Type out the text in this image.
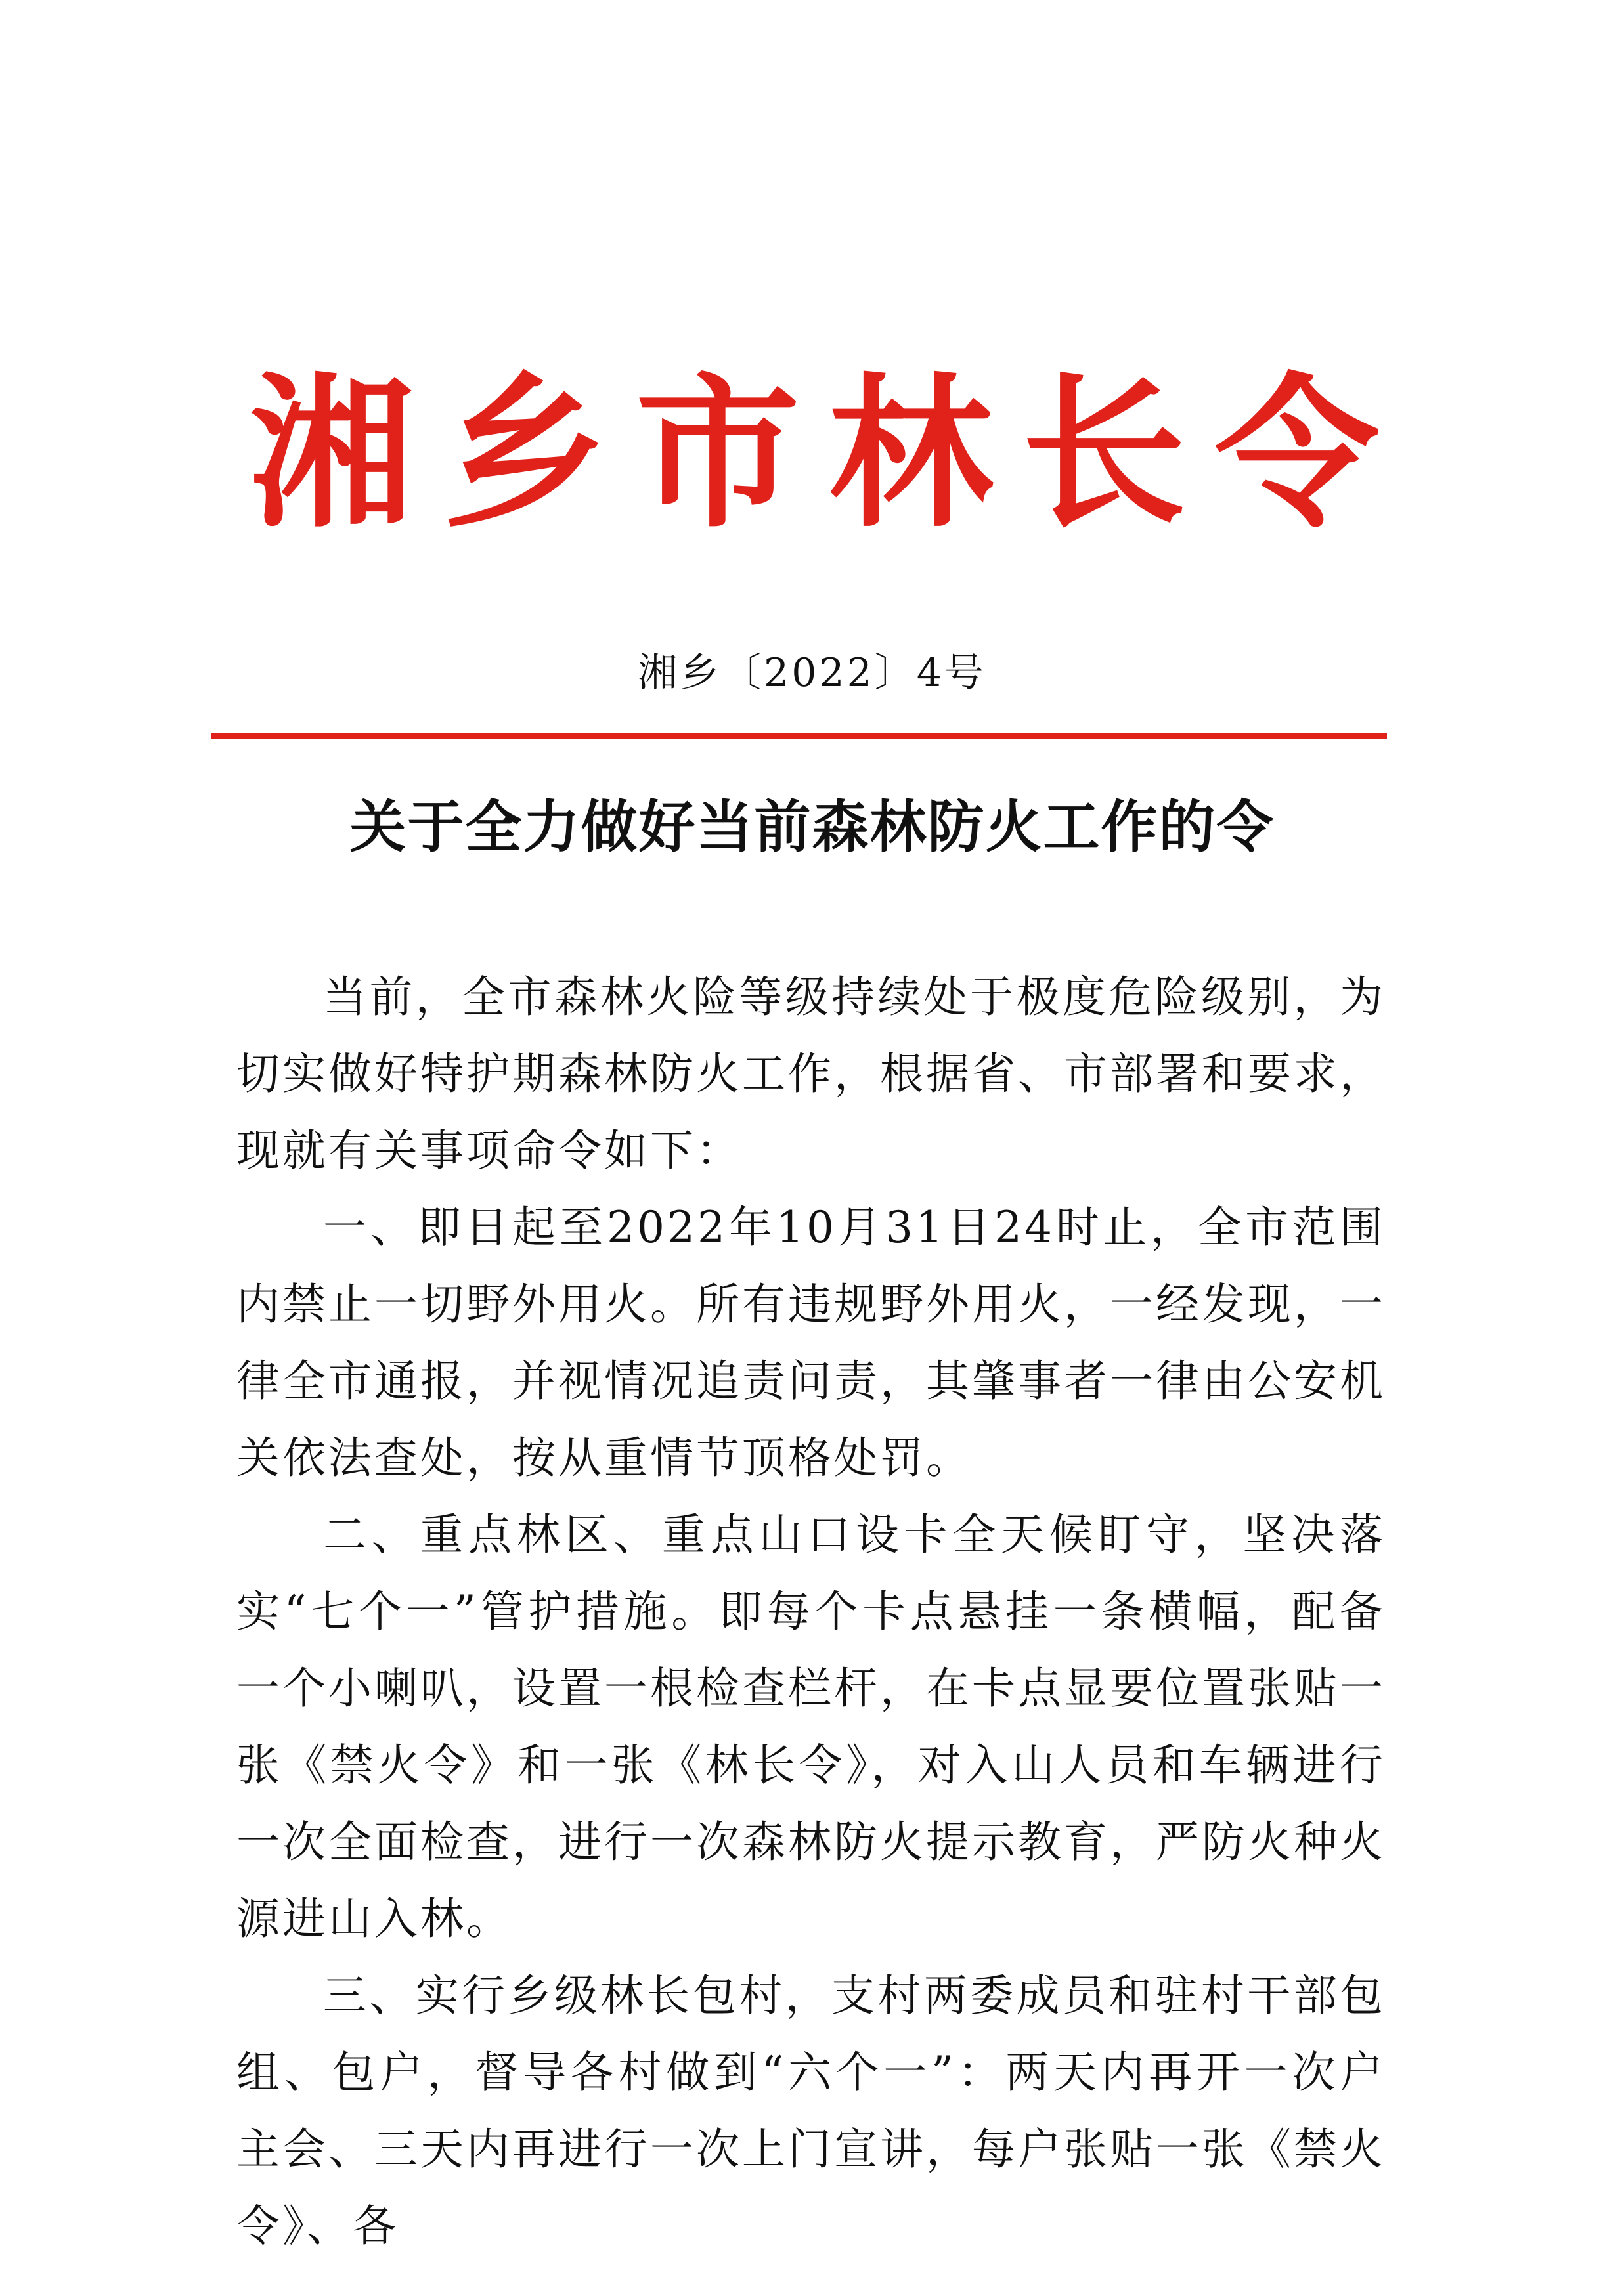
湘 乡 市 林 长 令
湘乡〔2022〕4号
关于全力做好当前森林防火工作的令

当前，全市森林火险等级持续处于极度危险级别，为切实做好特护期森林防火工作，根据省、市部署和要求，现就有关事项命令如下：

一、即日起至2022年10月31日24时止，全市范围内禁止一切野外用火。所有违规野外用火，一经发现，一律全市通报，并视情况追责问责，其肇事者一律由公安机关依法查处，按从重情节顶格处罚。

二、重点林区、重点山口设卡全天候盯守，坚决落实“七个一”管护措施。即每个卡点悬挂一条横幅，配备一个小喇叭，设置一根检查栏杆，在卡点显要位置张贴一张《禁火令》和一张《林长令》，对入山人员和车辆进行一次全面检查，进行一次森林防火提示教育，严防火种火源进山入林。

三、实行乡级林长包村，支村两委成员和驻村干部包组、包户，督导各村做到“六个一”：两天内再开一次户主会、三天内再进行一次上门宣讲，每户张贴一张《禁火令》、各
